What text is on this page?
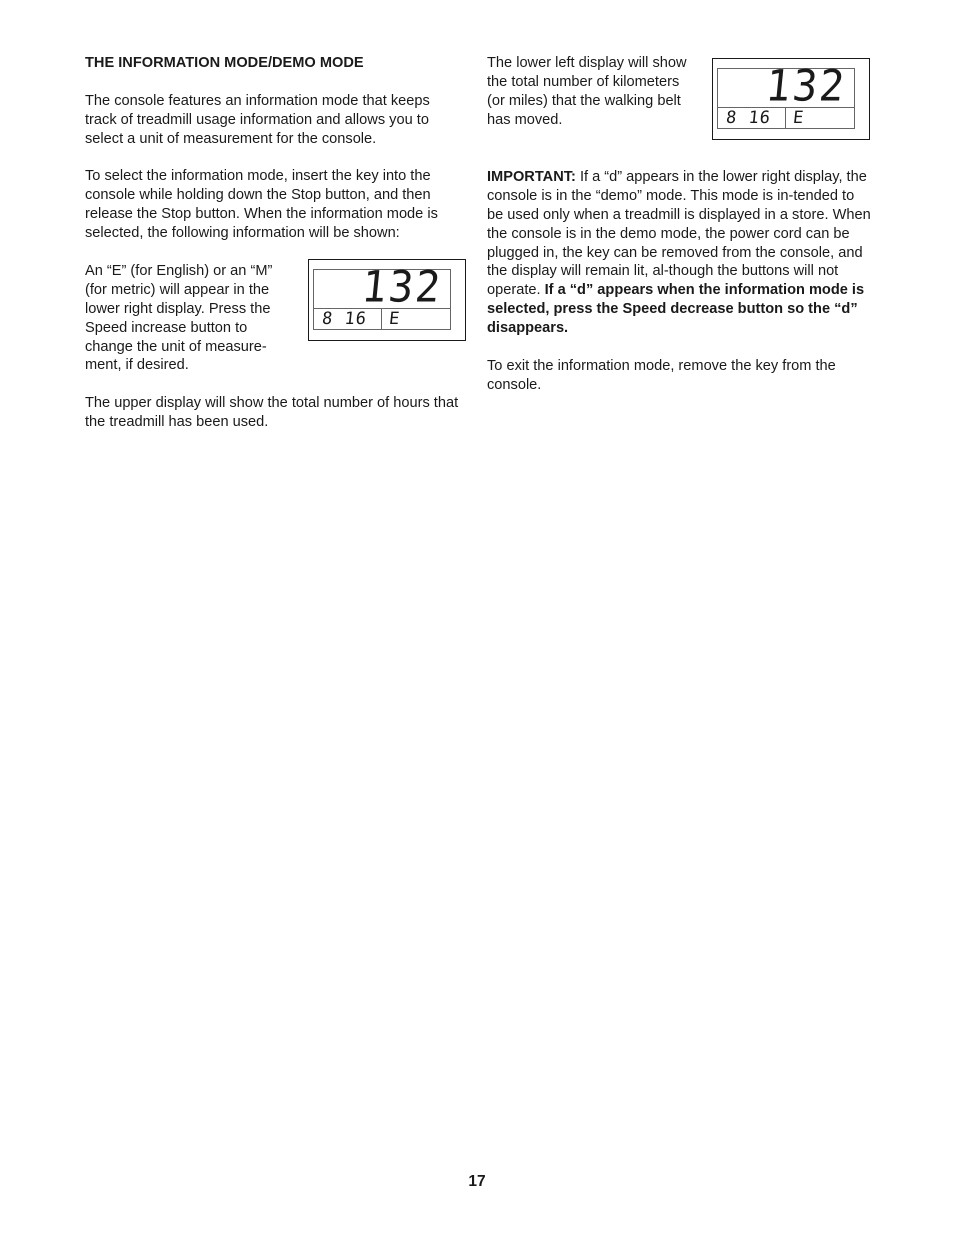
THE INFORMATION MODE/DEMO MODE

The console features an information mode that keeps track of treadmill usage information and allows you to select a unit of measurement for the console.

To select the information mode, insert the key into the console while holding down the Stop button, and then release the Stop button. When the information mode is selected, the following information will be shown:

An “E” (for English) or an “M” (for metric) will appear in the lower right display. Press the Speed increase button to change the unit of measure-ment, if desired.

132
8 16 E

The upper display will show the total number of hours that the treadmill has been used.

The lower left display will show the total number of kilometers (or miles) that the walking belt has moved.

132
8 16 E

IMPORTANT: If a “d” appears in the lower right display, the console is in the “demo” mode. This mode is in-tended to be used only when a treadmill is displayed in a store. When the console is in the demo mode, the power cord can be plugged in, the key can be removed from the console, and the display will remain lit, al-though the buttons will not operate. If a “d” appears when the information mode is selected, press the Speed decrease button so the “d” disappears.

To exit the information mode, remove the key from the console.

17
